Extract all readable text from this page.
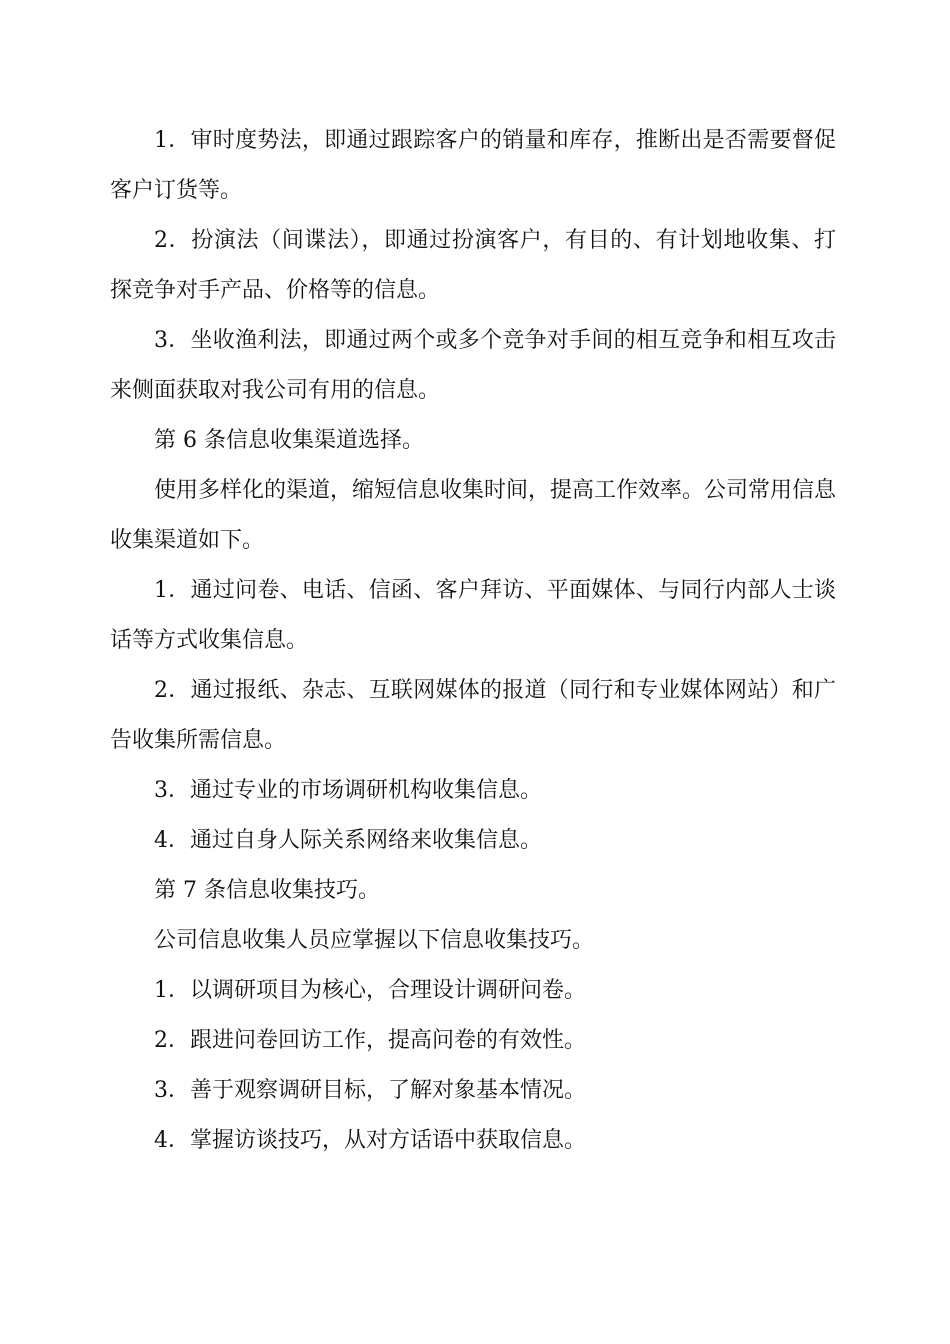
1．审时度势法，即通过跟踪客户的销量和库存，推断出是否需要督促客户订货等。

2．扮演法（间谍法），即通过扮演客户，有目的、有计划地收集、打探竞争对手产品、价格等的信息。

3．坐收渔利法，即通过两个或多个竞争对手间的相互竞争和相互攻击来侧面获取对我公司有用的信息。

第 6 条信息收集渠道选择。

使用多样化的渠道，缩短信息收集时间，提高工作效率。公司常用信息收集渠道如下。

1．通过问卷、电话、信函、客户拜访、平面媒体、与同行内部人士谈话等方式收集信息。

2．通过报纸、杂志、互联网媒体的报道（同行和专业媒体网站）和广告收集所需信息。

3．通过专业的市场调研机构收集信息。

4．通过自身人际关系网络来收集信息。

第 7 条信息收集技巧。

公司信息收集人员应掌握以下信息收集技巧。

1．以调研项目为核心，合理设计调研问卷。

2．跟进问卷回访工作，提高问卷的有效性。

3．善于观察调研目标，了解对象基本情况。

4．掌握访谈技巧，从对方话语中获取信息。
